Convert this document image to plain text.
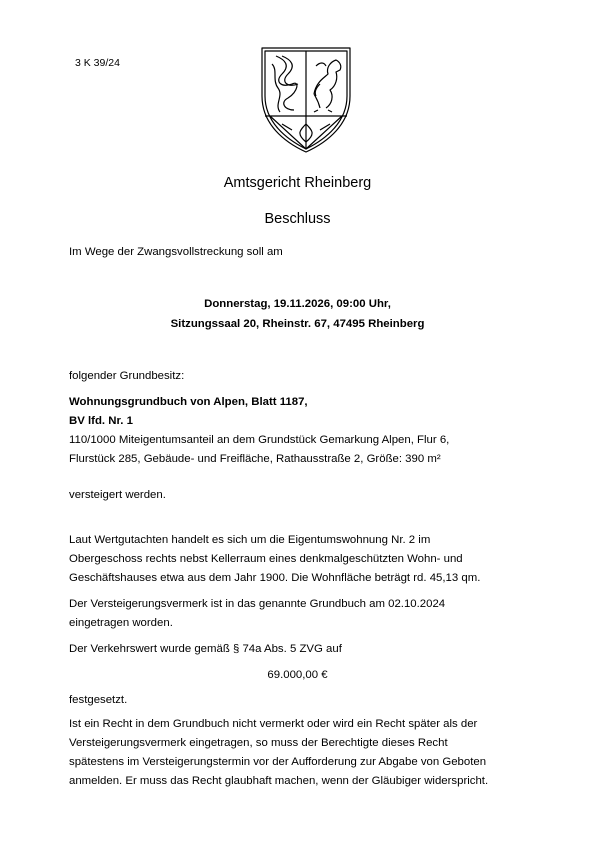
3 K 39/24
Amtsgericht Rheinberg
Beschluss
Im Wege der Zwangsvollstreckung soll am
Donnerstag, 19.11.2026, 09:00 Uhr,
Sitzungssaal 20, Rheinstr. 67, 47495 Rheinberg
folgender Grundbesitz:
Wohnungsgrundbuch von Alpen, Blatt 1187,
BV lfd. Nr. 1
110/1000 Miteigentumsanteil an dem Grundstück Gemarkung Alpen, Flur 6,
Flurstück 285, Gebäude- und Freifläche, Rathausstraße 2, Größe: 390 m²
versteigert werden.
Laut Wertgutachten handelt es sich um die Eigentumswohnung Nr. 2 im
Obergeschoss rechts nebst Kellerraum eines denkmalgeschützten Wohn- und
Geschäftshauses etwa aus dem Jahr 1900. Die Wohnfläche beträgt rd. 45,13 qm.
Der Versteigerungsvermerk ist in das genannte Grundbuch am 02.10.2024
eingetragen worden.
Der Verkehrswert wurde gemäß § 74a Abs. 5 ZVG auf
69.000,00 €
festgesetzt.
Ist ein Recht in dem Grundbuch nicht vermerkt oder wird ein Recht später als der
Versteigerungsvermerk eingetragen, so muss der Berechtigte dieses Recht
spätestens im Versteigerungstermin vor der Aufforderung zur Abgabe von Geboten
anmelden. Er muss das Recht glaubhaft machen, wenn der Gläubiger widerspricht.
